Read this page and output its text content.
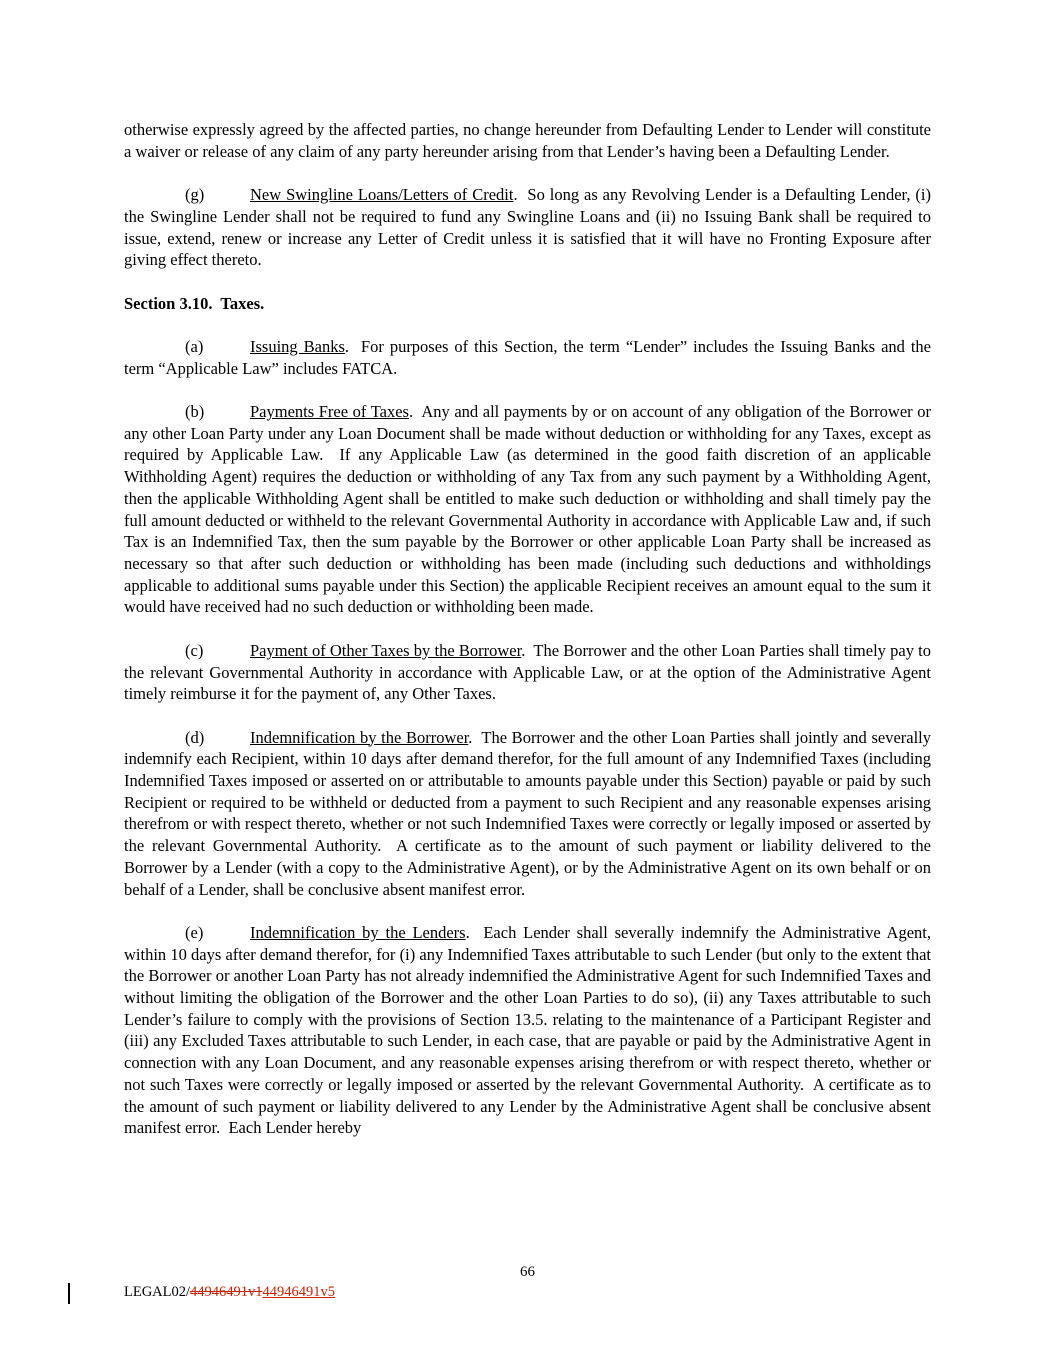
otherwise expressly agreed by the affected parties, no change hereunder from Defaulting Lender to Lender will constitute a waiver or release of any claim of any party hereunder arising from that Lender’s having been a Defaulting Lender.

(g)	New Swingline Loans/Letters of Credit.  So long as any Revolving Lender is a Defaulting Lender, (i) the Swingline Lender shall not be required to fund any Swingline Loans and (ii) no Issuing Bank shall be required to issue, extend, renew or increase any Letter of Credit unless it is satisfied that it will have no Fronting Exposure after giving effect thereto.

Section 3.10.  Taxes.

(a)	Issuing Banks.  For purposes of this Section, the term “Lender” includes the Issuing Banks and the term “Applicable Law” includes FATCA.

(b)	Payments Free of Taxes.  Any and all payments by or on account of any obligation of the Borrower or any other Loan Party under any Loan Document shall be made without deduction or withholding for any Taxes, except as required by Applicable Law.  If any Applicable Law (as determined in the good faith discretion of an applicable Withholding Agent) requires the deduction or withholding of any Tax from any such payment by a Withholding Agent, then the applicable Withholding Agent shall be entitled to make such deduction or withholding and shall timely pay the full amount deducted or withheld to the relevant Governmental Authority in accordance with Applicable Law and, if such Tax is an Indemnified Tax, then the sum payable by the Borrower or other applicable Loan Party shall be increased as necessary so that after such deduction or withholding has been made (including such deductions and withholdings applicable to additional sums payable under this Section) the applicable Recipient receives an amount equal to the sum it would have received had no such deduction or withholding been made.

(c)	Payment of Other Taxes by the Borrower.  The Borrower and the other Loan Parties shall timely pay to the relevant Governmental Authority in accordance with Applicable Law, or at the option of the Administrative Agent timely reimburse it for the payment of, any Other Taxes.

(d)	Indemnification by the Borrower.  The Borrower and the other Loan Parties shall jointly and severally indemnify each Recipient, within 10 days after demand therefor, for the full amount of any Indemnified Taxes (including Indemnified Taxes imposed or asserted on or attributable to amounts payable under this Section) payable or paid by such Recipient or required to be withheld or deducted from a payment to such Recipient and any reasonable expenses arising therefrom or with respect thereto, whether or not such Indemnified Taxes were correctly or legally imposed or asserted by the relevant Governmental Authority.  A certificate as to the amount of such payment or liability delivered to the Borrower by a Lender (with a copy to the Administrative Agent), or by the Administrative Agent on its own behalf or on behalf of a Lender, shall be conclusive absent manifest error.

(e)	Indemnification by the Lenders.  Each Lender shall severally indemnify the Administrative Agent, within 10 days after demand therefor, for (i) any Indemnified Taxes attributable to such Lender (but only to the extent that the Borrower or another Loan Party has not already indemnified the Administrative Agent for such Indemnified Taxes and without limiting the obligation of the Borrower and the other Loan Parties to do so), (ii) any Taxes attributable to such Lender’s failure to comply with the provisions of Section 13.5. relating to the maintenance of a Participant Register and (iii) any Excluded Taxes attributable to such Lender, in each case, that are payable or paid by the Administrative Agent in connection with any Loan Document, and any reasonable expenses arising therefrom or with respect thereto, whether or not such Taxes were correctly or legally imposed or asserted by the relevant Governmental Authority.  A certificate as to the amount of such payment or liability delivered to any Lender by the Administrative Agent shall be conclusive absent manifest error.  Each Lender hereby

66
LEGAL02/44946491v144946491v5
